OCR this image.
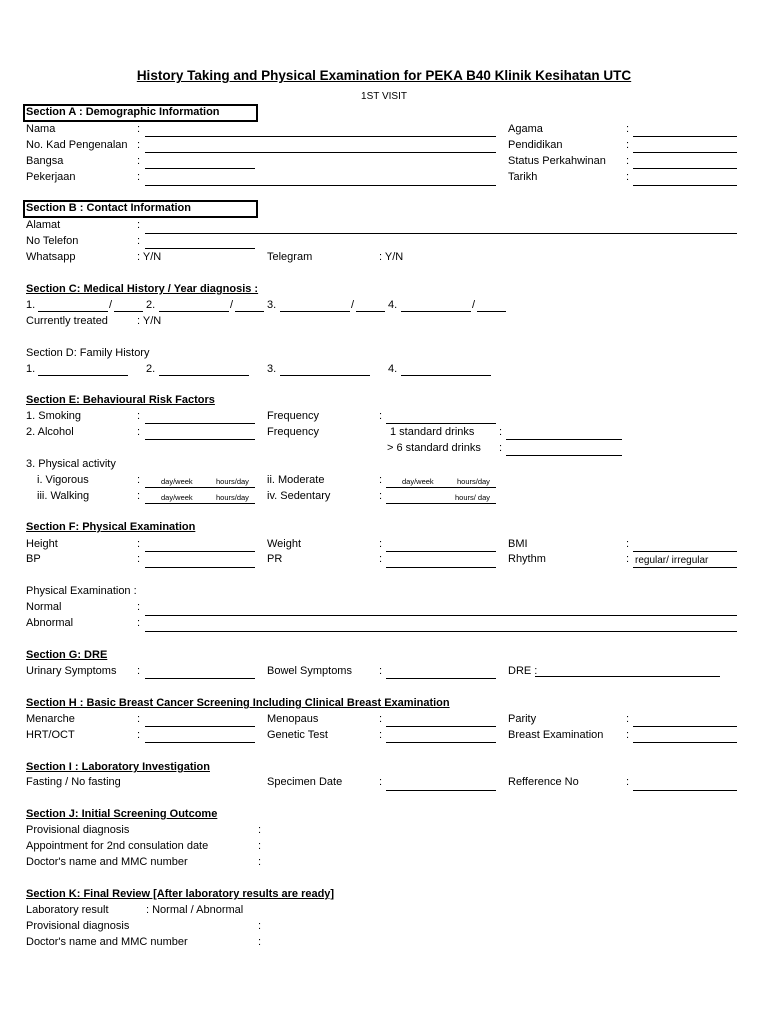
History Taking and Physical Examination for PEKA B40 Klinik Kesihatan UTC
1ST VISIT
Section A : Demographic Information
Nama	:	Agama	:
No. Kad Pengenalan :	Pendidikan	:
Bangsa	:	Status Perkahwinan :
Pekerjaan	:	Tarikh	:
Section B : Contact Information
Alamat	:
No Telefon	:
Whatsapp	: Y/N	Telegram	: Y/N
Section C: Medical History / Year diagnosis :
1.	/	2.	/	3.	/	4.	/
Currently treated	: Y/N
Section D: Family History
1.	2.	3.	4.
Section E: Behavioural Risk Factors
1. Smoking	:	Frequency	:
2. Alcohol	:	Frequency	1 standard drinks :
> 6 standard drinks :
3. Physical activity
i. Vigorous	:	day/week	hours/day ii. Moderate	:	day/week	hours/day
iii. Walking	:	day/week	hours/day iv. Sedentary	:	hours/ day
Section F: Physical Examination
Height	:	Weight	:	BMI	:
BP	:	PR	:	Rhythm	: regular/ irregular
Physical Examination :
Normal	:
Abnormal	:
Section G: DRE
Urinary Symptoms :	Bowel Symptoms :	DRE :
Section H : Basic Breast Cancer Screening Including Clinical Breast Examination
Menarche	:	Menopaus	:	Parity	:
HRT/OCT	:	Genetic Test	:	Breast Examination :
Section I : Laboratory Investigation
Fasting / No fasting	Specimen Date	:	Refference No	:
Section J: Initial Screening Outcome
Provisional diagnosis	:
Appointment for 2nd consulation date	:
Doctor's name and MMC number	:
Section K: Final Review [After laboratory results are ready]
Laboratory result	: Normal / Abnormal
Provisional diagnosis	:
Doctor's name and MMC number	:
